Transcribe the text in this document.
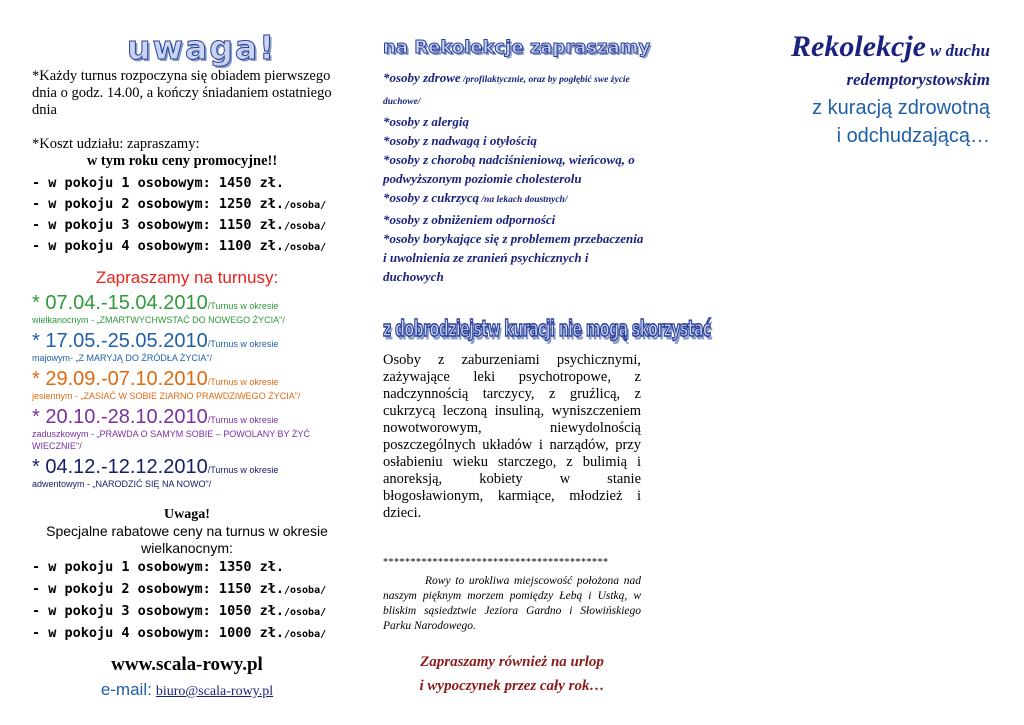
uwaga!

*Każdy turnus rozpoczyna się obiadem pierwszego dnia o godz. 14.00, a kończy śniadaniem ostatniego dnia

*Koszt udziału: zapraszamy:

w tym roku ceny promocyjne!!

- w pokoju 1 osobowym: 1450 zł.
- w pokoju 2 osobowym: 1250 zł./osoba/
- w pokoju 3 osobowym: 1150 zł./osoba/
- w pokoju 4 osobowym: 1100 zł./osoba/
Zapraszamy na turnusy:
* 07.04.-15.04.2010/Turnus w okresie
wielkanocnym - „ZMARTWYCHWSTAĆ DO NOWEGO ŻYCIA"/
* 17.05.-25.05.2010/Turnus w okresie
majowym- „Z MARYJĄ DO ŹRÓDŁA ŻYCIA"/
* 29.09.-07.10.2010/Turnus w okresie
jesiennym - „ZASIAĆ W SOBIE ZIARNO PRAWDZIWEGO ŻYCIA"/
* 20.10.-28.10.2010/Turnus w okresie
zaduszkowym - „PRAWDA O SAMYM SOBIE – POWOLANY BY ŻYĆ WIECZNIE"/
* 04.12.-12.12.2010/Turnus w okresie
adwentowym - „NARODZIĆ SIĘ NA NOWO"/
Uwaga!
Specjalne rabatowe ceny na turnus w okresie wielkanocnym:
- w pokoju 1 osobowym: 1350 zł.
- w pokoju 2 osobowym: 1150 zł./osoba/
- w pokoju 3 osobowym: 1050 zł./osoba/
- w pokoju 4 osobowym: 1000 zł./osoba/
www.scala-rowy.pl
e-mail: biuro@scala-rowy.pl
na Rekolekcje zapraszamy
*osoby zdrowe /profilaktycznie, oraz by pogłębić swe życie duchowe/
*osoby z alergią
*osoby z nadwagą i otyłością
*osoby z chorobą nadciśnieniową, wieńcową, o podwyższonym poziomie cholesterolu
*osoby z cukrzycą /na lekach doustnych/
*osoby z obniżeniem odporności
*osoby borykające się z problemem przebaczenia i uwolnienia ze zranień psychicznych i duchowych
z dobrodziejstw kuracji nie mogą skorzystać

Osoby z zaburzeniami psychicznymi, zażywające leki psychotropowe, z nadczynnością tarczycy, z gruźlicą, z cukrzycą leczoną insuliną, wyniszczeniem nowotworowym, niewydolnością poszczególnych układów i narządów, przy osłabieniu wieku starczego, z bulimią i anoreksją, kobiety w stanie błogosławionym, karmiące, młodzież i dzieci.

*****************************************

Rowy to urokliwa miejscowość położona nad naszym pięknym morzem pomiędzy Łebą i Ustką, w bliskim sąsiedztwie Jeziora Gardno i Słowińskiego Parku Narodowego.

Zapraszamy również na urlop
i wypoczynek przez cały rok…
Rekolekcje w duchu
redemptorystowskim
z kuracją zdrowotną
i odchudzającą…
